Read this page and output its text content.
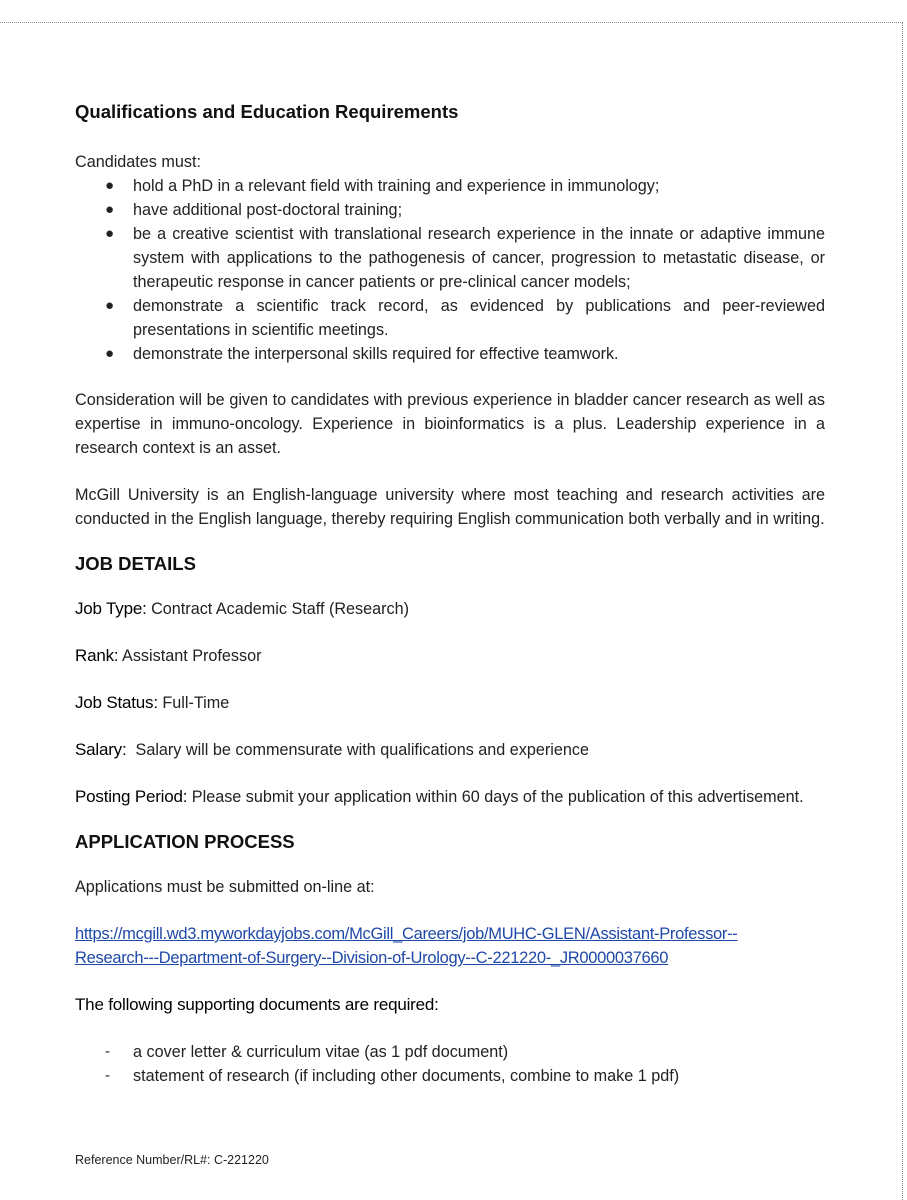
Qualifications and Education Requirements

Candidates must:

● hold a PhD in a relevant field with training and experience in immunology;
● have additional post-doctoral training;
● be a creative scientist with translational research experience in the innate or adaptive immune system with applications to the pathogenesis of cancer, progression to metastatic disease, or therapeutic response in cancer patients or pre-clinical cancer models;
● demonstrate a scientific track record, as evidenced by publications and peer-reviewed presentations in scientific meetings.
● demonstrate the interpersonal skills required for effective teamwork.

Consideration will be given to candidates with previous experience in bladder cancer research as well as expertise in immuno-oncology. Experience in bioinformatics is a plus. Leadership experience in a research context is an asset.

McGill University is an English-language university where most teaching and research activities are conducted in the English language, thereby requiring English communication both verbally and in writing.

JOB DETAILS

Job Type: Contract Academic Staff (Research)

Rank: Assistant Professor

Job Status: Full-Time

Salary: Salary will be commensurate with qualifications and experience

Posting Period: Please submit your application within 60 days of the publication of this advertisement.

APPLICATION PROCESS

Applications must be submitted on-line at:

https://mcgill.wd3.myworkdayjobs.com/McGill_Careers/job/MUHC-GLEN/Assistant-Professor--
Research---Department-of-Surgery--Division-of-Urology--C-221220-_JR0000037660

The following supporting documents are required:

- a cover letter & curriculum vitae (as 1 pdf document)
- statement of research (if including other documents, combine to make 1 pdf)
Reference Number/RL#: C-221220
